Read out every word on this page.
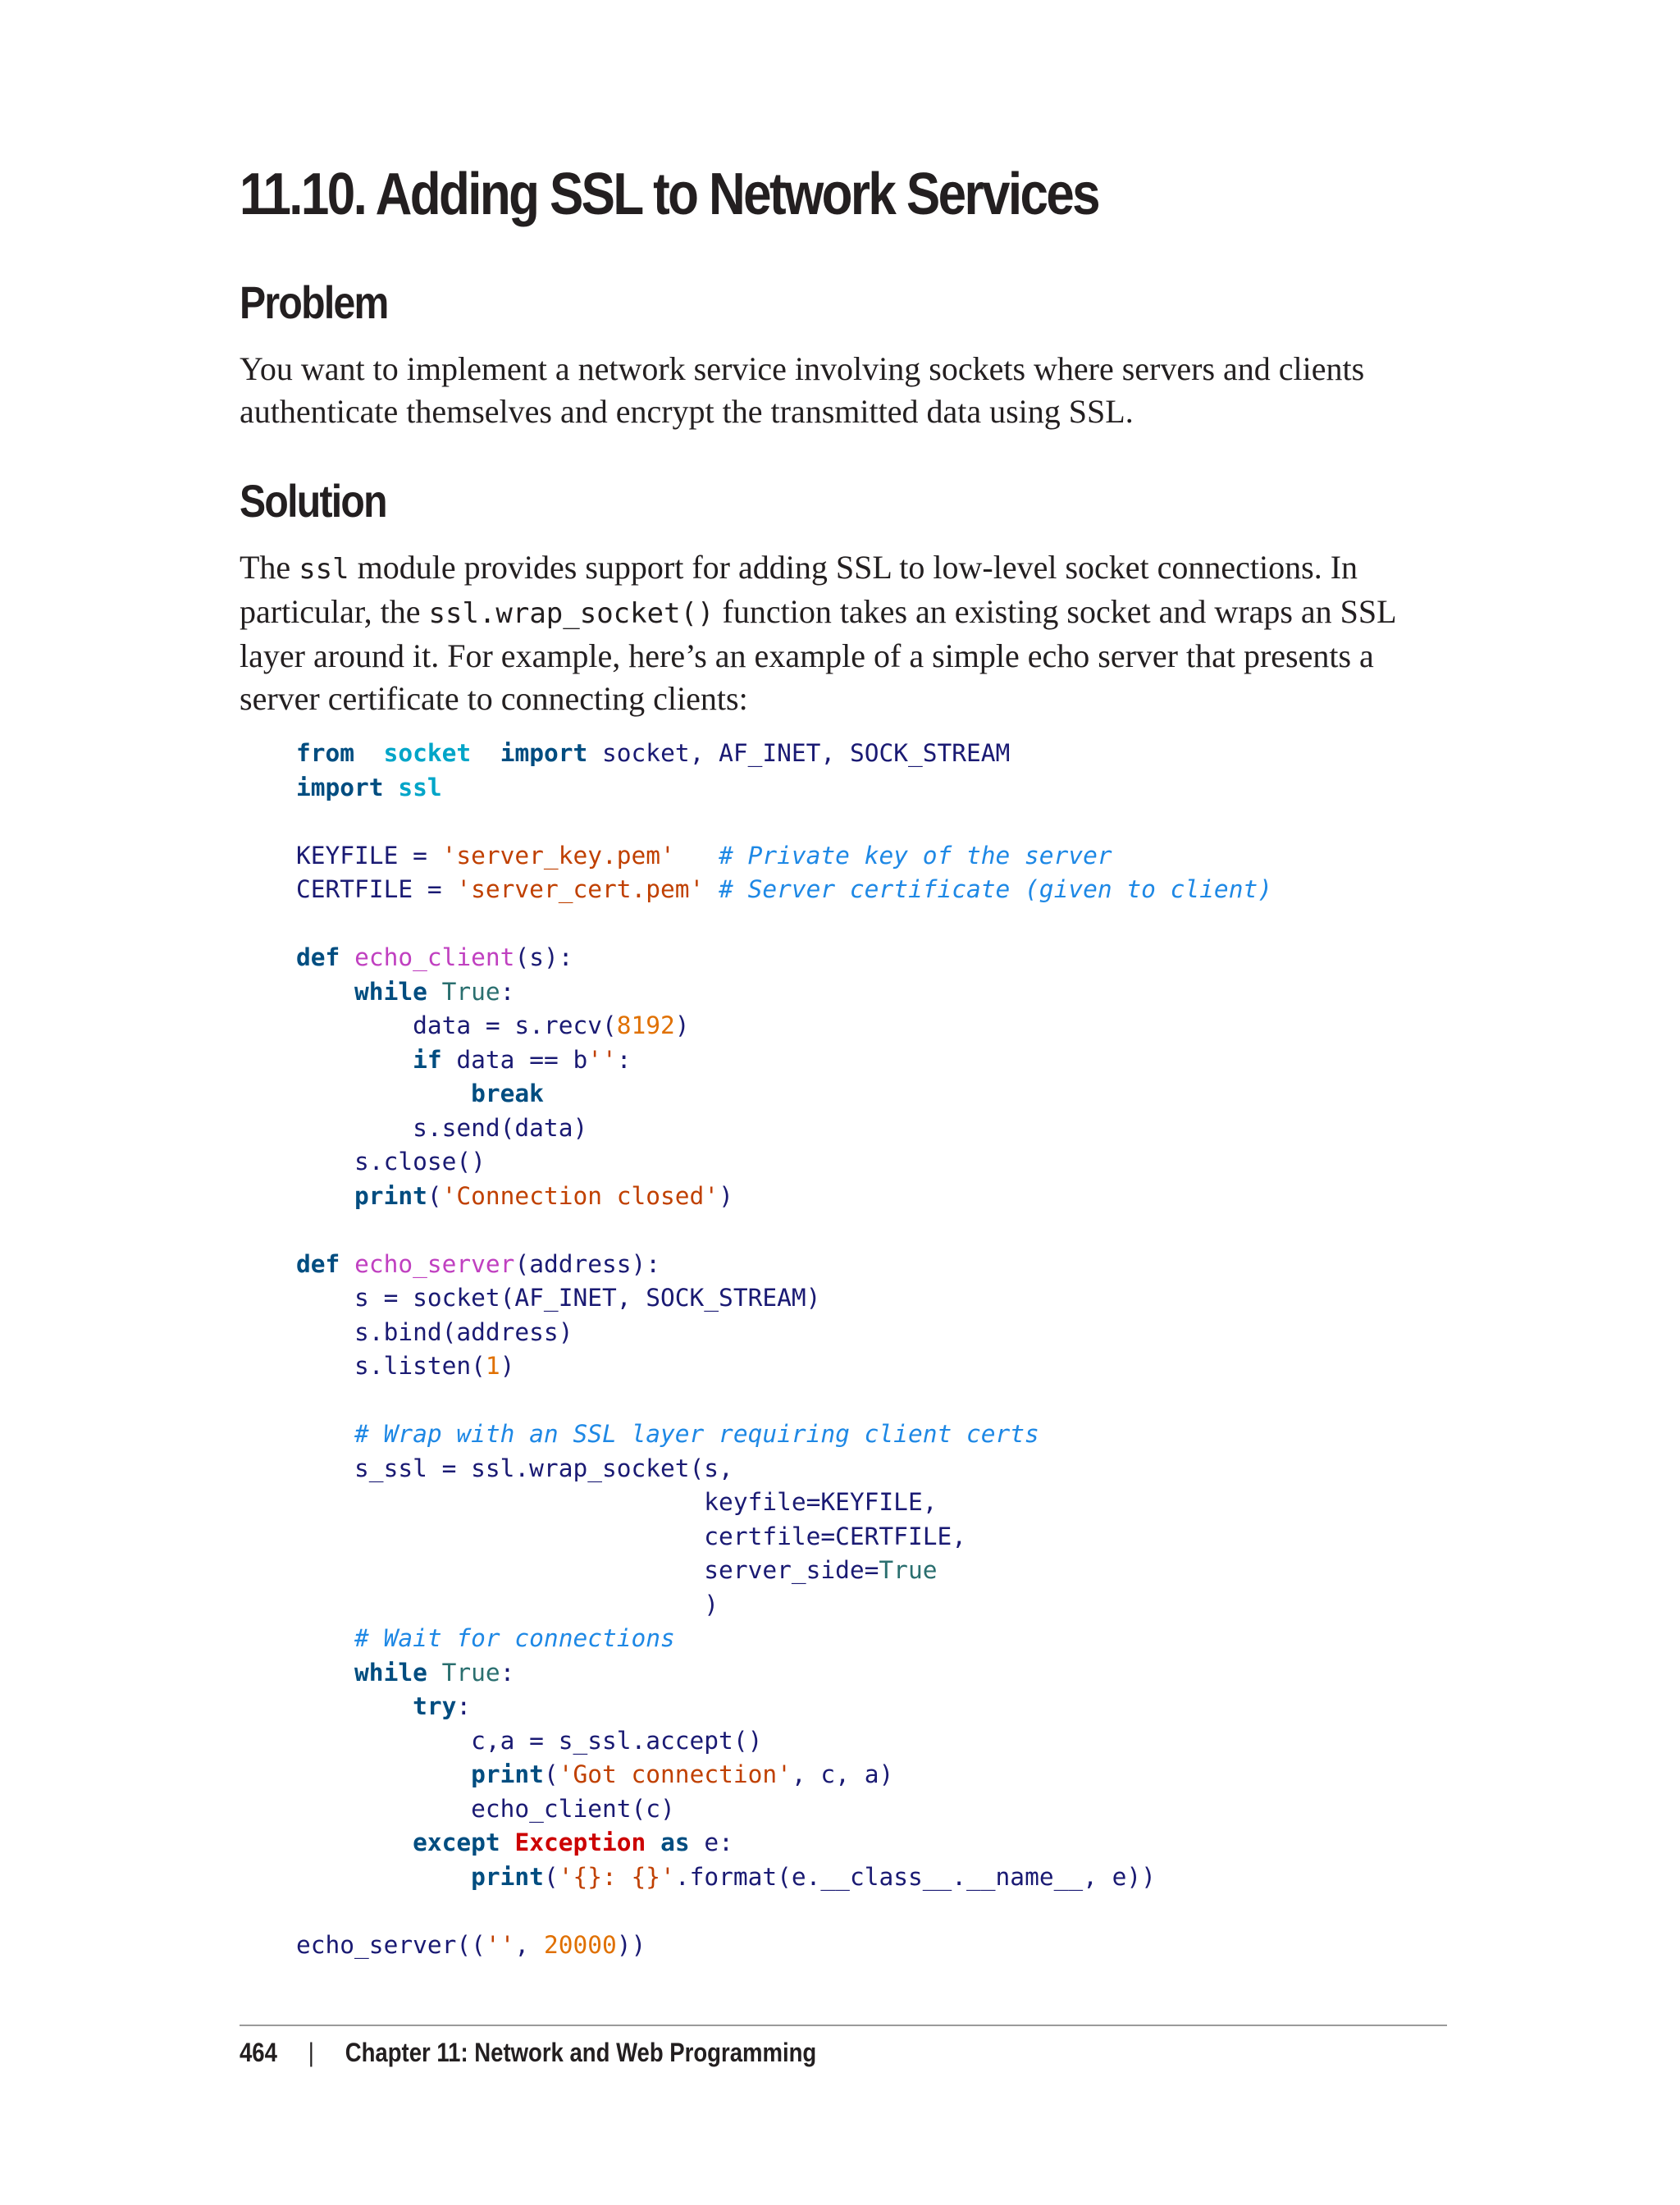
11.10. Adding SSL to Network Services
Problem

You want to implement a network service involving sockets where servers and clients
authenticate themselves and encrypt the transmitted data using SSL.

Solution

The ssl module provides support for adding SSL to low-level socket connections. In
particular, the ssl.wrap_socket() function takes an existing socket and wraps an SSL
layer around it. For example, here’s an example of a simple echo server that presents a
server certificate to connecting clients:

from socket import socket, AF_INET, SOCK_STREAM
import ssl

KEYFILE = 'server_key.pem' # Private key of the server
CERTFILE = 'server_cert.pem' # Server certificate (given to client)

def echo_client(s):
while True:
data = s.recv(8192)
if data == b'':
break
s.send(data)
s.close()
print('Connection closed')

def echo_server(address):
s = socket(AF_INET, SOCK_STREAM)
s.bind(address)
s.listen(1)

# Wrap with an SSL layer requiring client certs
s_ssl = ssl.wrap_socket(s,
keyfile=KEYFILE,
certfile=CERTFILE,
server_side=True
)
# Wait for connections
while True:
try:
c,a = s_ssl.accept()
print('Got connection', c, a)
echo_client(c)
except Exception as e:
print('{}: {}'.format(e.__class__.__name__, e))

echo_server(('', 20000))
464 | Chapter 11: Network and Web Programming
